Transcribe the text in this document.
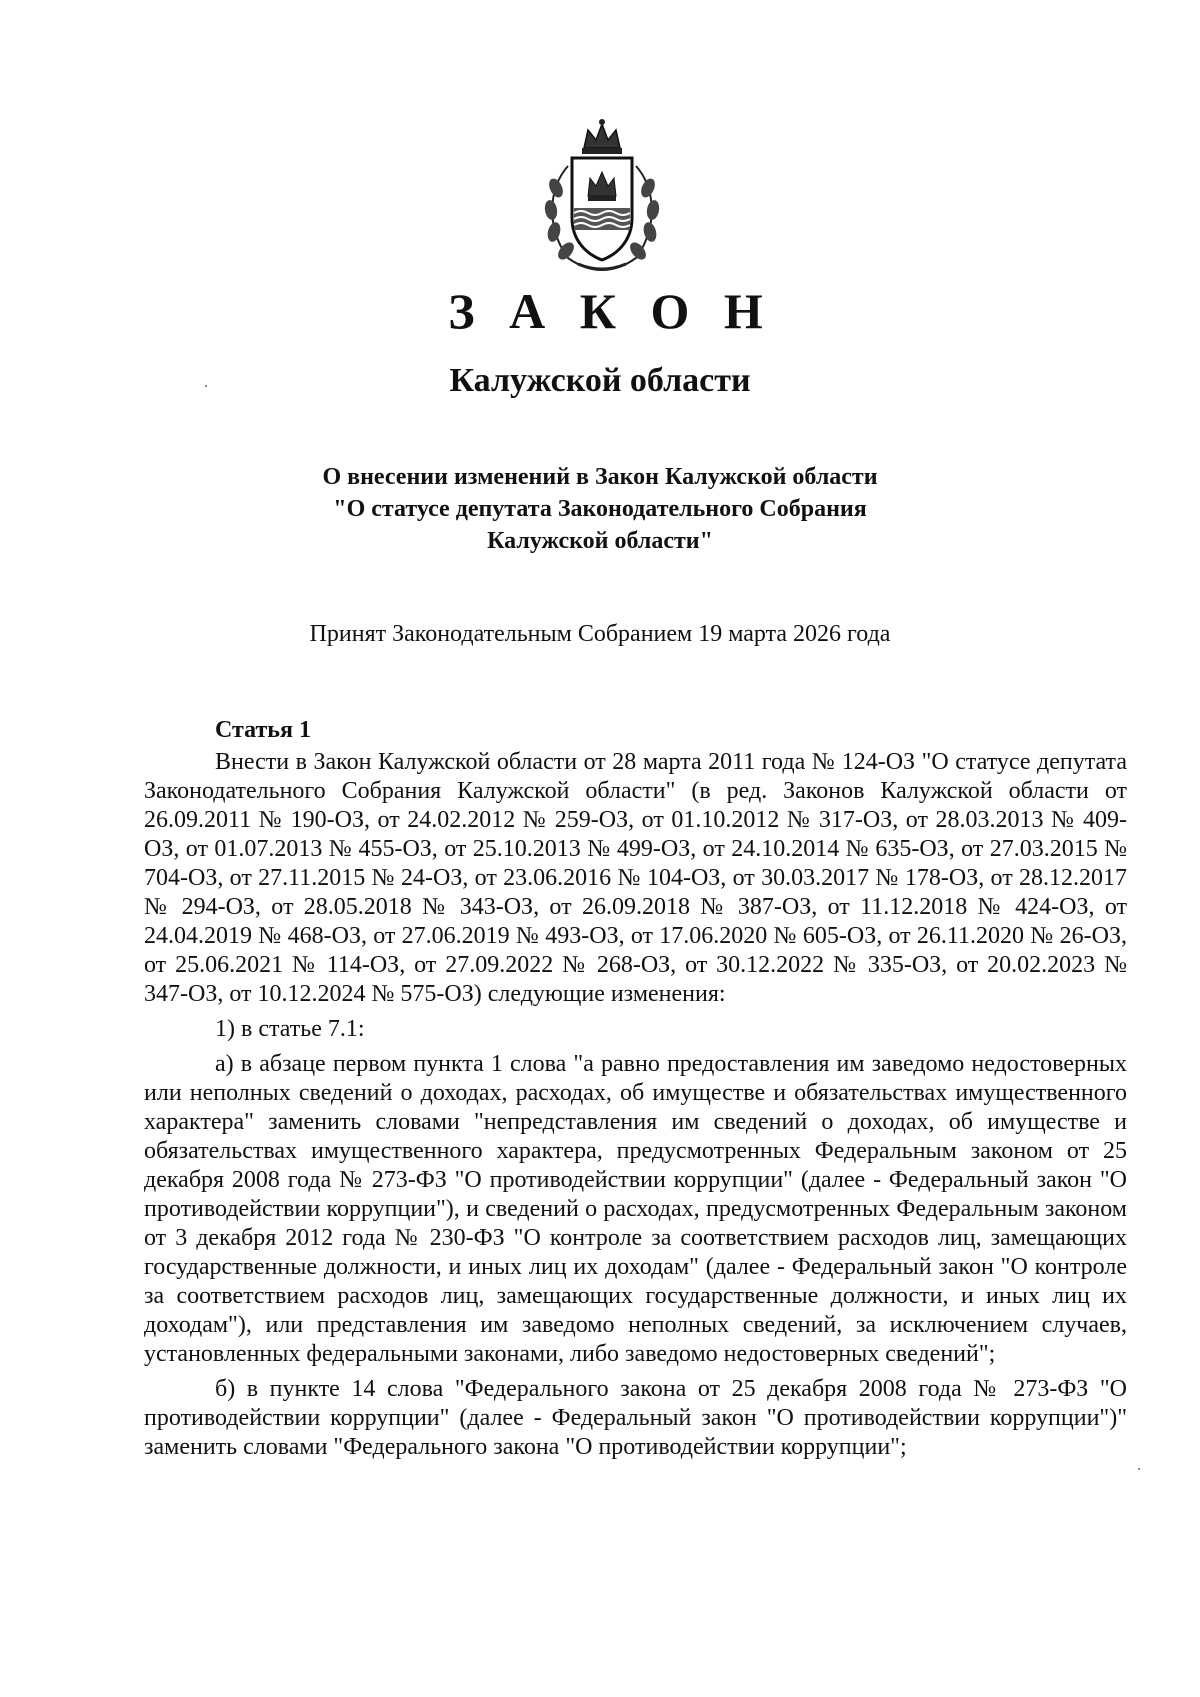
З А К О Н
Калужской области
О внесении изменений в Закон Калужской области
"О статусе депутата Законодательного Собрания
Калужской области"
Принят Законодательным Собранием 19 марта 2026 года
Статья 1

Внести в Закон Калужской области от 28 марта 2011 года № 124-ОЗ "О статусе депутата Законодательного Собрания Калужской области" (в ред. Законов Калужской области от 26.09.2011 № 190-ОЗ, от 24.02.2012 № 259-ОЗ, от 01.10.2012 № 317-ОЗ, от 28.03.2013 № 409-ОЗ, от 01.07.2013 № 455-ОЗ, от 25.10.2013 № 499-ОЗ, от 24.10.2014 № 635-ОЗ, от 27.03.2015 № 704-ОЗ, от 27.11.2015 № 24-ОЗ, от 23.06.2016 № 104-ОЗ, от 30.03.2017 № 178-ОЗ, от 28.12.2017 № 294-ОЗ, от 28.05.2018 № 343-ОЗ, от 26.09.2018 № 387-ОЗ, от 11.12.2018 № 424-ОЗ, от 24.04.2019 № 468-ОЗ, от 27.06.2019 № 493-ОЗ, от 17.06.2020 № 605-ОЗ, от 26.11.2020 № 26-ОЗ, от 25.06.2021 № 114-ОЗ, от 27.09.2022 № 268-ОЗ, от 30.12.2022 № 335-ОЗ, от 20.02.2023 № 347-ОЗ, от 10.12.2024 № 575-ОЗ) следующие изменения:

1) в статье 7.1:

а) в абзаце первом пункта 1 слова "а равно предоставления им заведомо недостоверных или неполных сведений о доходах, расходах, об имуществе и обязательствах имущественного характера" заменить словами "непредставления им сведений о доходах, об имуществе и обязательствах имущественного характера, предусмотренных Федеральным законом от 25 декабря 2008 года № 273-ФЗ "О противодействии коррупции" (далее - Федеральный закон "О противодействии коррупции"), и сведений о расходах, предусмотренных Федеральным законом от 3 декабря 2012 года № 230-ФЗ "О контроле за соответствием расходов лиц, замещающих государственные должности, и иных лиц их доходам" (далее - Федеральный закон "О контроле за соответствием расходов лиц, замещающих государственные должности, и иных лиц их доходам"), или представления им заведомо неполных сведений, за исключением случаев, установленных федеральными законами, либо заведомо недостоверных сведений";

б) в пункте 14 слова "Федерального закона от 25 декабря 2008 года № 273-ФЗ "О противодействии коррупции" (далее - Федеральный закон "О противодействии коррупции")" заменить словами "Федерального закона "О противодействии коррупции";
